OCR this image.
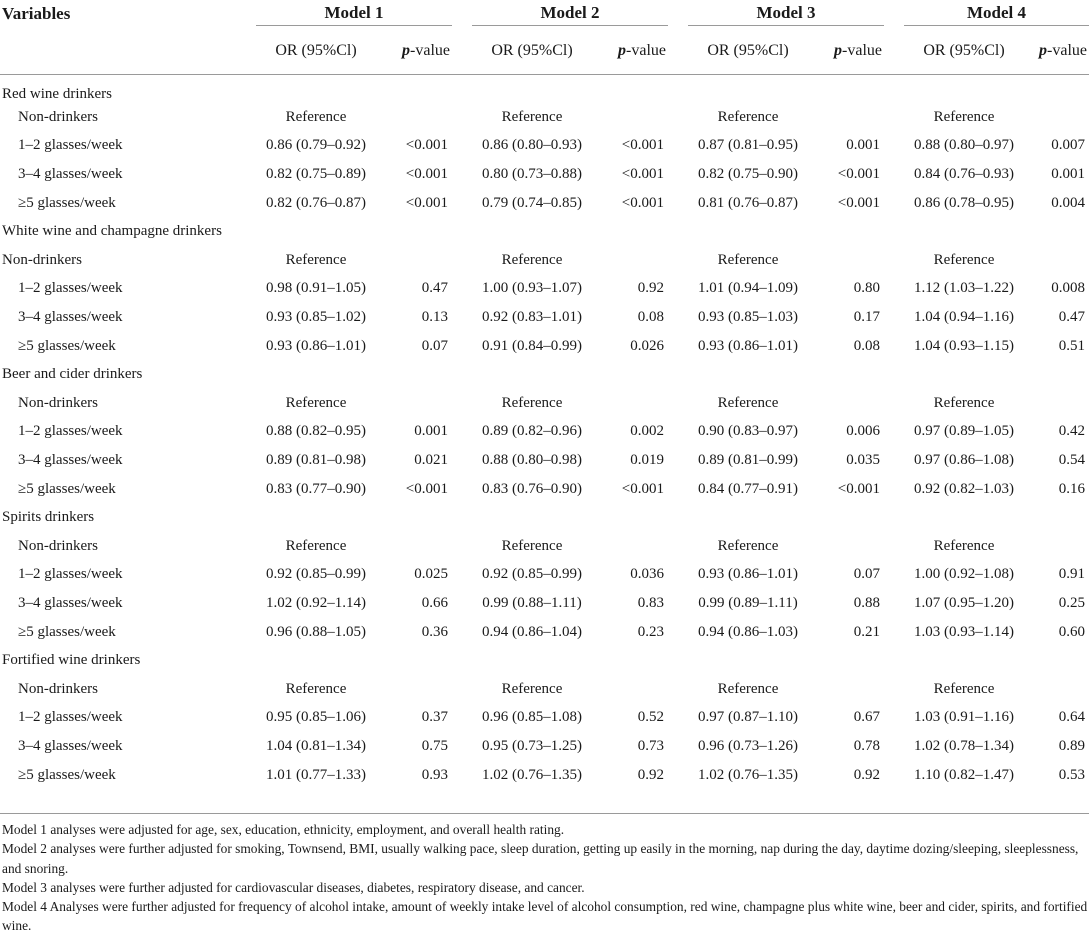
Variables	Model 1			Model 2			Model 3			Model 4	

	OR (95%Cl)	p-value		OR (95%Cl)	p-value		OR (95%Cl)	p-value		OR (95%Cl)	p-value
Red wine drinkers											
Non-drinkers	Reference			Reference			Reference			Reference	
1–2 glasses/week	0.86 (0.79–0.92)	<0.001		0.86 (0.80–0.93)	<0.001		0.87 (0.81–0.95)	0.001		0.88 (0.80–0.97)	0.007
3–4 glasses/week	0.82 (0.75–0.89)	<0.001		0.80 (0.73–0.88)	<0.001		0.82 (0.75–0.90)	<0.001		0.84 (0.76–0.93)	0.001
≥5 glasses/week	0.82 (0.76–0.87)	<0.001		0.79 (0.74–0.85)	<0.001		0.81 (0.76–0.87)	<0.001		0.86 (0.78–0.95)	0.004
White wine and champagne drinkers											
Non-drinkers	Reference			Reference			Reference			Reference	
1–2 glasses/week	0.98 (0.91–1.05)	0.47		1.00 (0.93–1.07)	0.92		1.01 (0.94–1.09)	0.80		1.12 (1.03–1.22)	0.008
3–4 glasses/week	0.93 (0.85–1.02)	0.13		0.92 (0.83–1.01)	0.08		0.93 (0.85–1.03)	0.17		1.04 (0.94–1.16)	0.47
≥5 glasses/week	0.93 (0.86–1.01)	0.07		0.91 (0.84–0.99)	0.026		0.93 (0.86–1.01)	0.08		1.04 (0.93–1.15)	0.51
Beer and cider drinkers											
Non-drinkers	Reference			Reference			Reference			Reference	
1–2 glasses/week	0.88 (0.82–0.95)	0.001		0.89 (0.82–0.96)	0.002		0.90 (0.83–0.97)	0.006		0.97 (0.89–1.05)	0.42
3–4 glasses/week	0.89 (0.81–0.98)	0.021		0.88 (0.80–0.98)	0.019		0.89 (0.81–0.99)	0.035		0.97 (0.86–1.08)	0.54
≥5 glasses/week	0.83 (0.77–0.90)	<0.001		0.83 (0.76–0.90)	<0.001		0.84 (0.77–0.91)	<0.001		0.92 (0.82–1.03)	0.16
Spirits drinkers											
Non-drinkers	Reference			Reference			Reference			Reference	
1–2 glasses/week	0.92 (0.85–0.99)	0.025		0.92 (0.85–0.99)	0.036		0.93 (0.86–1.01)	0.07		1.00 (0.92–1.08)	0.91
3–4 glasses/week	1.02 (0.92–1.14)	0.66		0.99 (0.88–1.11)	0.83		0.99 (0.89–1.11)	0.88		1.07 (0.95–1.20)	0.25
≥5 glasses/week	0.96 (0.88–1.05)	0.36		0.94 (0.86–1.04)	0.23		0.94 (0.86–1.03)	0.21		1.03 (0.93–1.14)	0.60
Fortified wine drinkers											
Non-drinkers	Reference			Reference			Reference			Reference	
1–2 glasses/week	0.95 (0.85–1.06)	0.37		0.96 (0.85–1.08)	0.52		0.97 (0.87–1.10)	0.67		1.03 (0.91–1.16)	0.64
3–4 glasses/week	1.04 (0.81–1.34)	0.75		0.95 (0.73–1.25)	0.73		0.96 (0.73–1.26)	0.78		1.02 (0.78–1.34)	0.89
≥5 glasses/week	1.01 (0.77–1.33)	0.93		1.02 (0.76–1.35)	0.92		1.02 (0.76–1.35)	0.92		1.10 (0.82–1.47)	0.53

Model 1 analyses were adjusted for age, sex, education, ethnicity, employment, and overall health rating.

Model 2 analyses were further adjusted for smoking, Townsend, BMI, usually walking pace, sleep duration, getting up easily in the morning, nap during the day, daytime dozing/sleeping, sleeplessness, and snoring.

Model 3 analyses were further adjusted for cardiovascular diseases, diabetes, respiratory disease, and cancer.

Model 4 Analyses were further adjusted for frequency of alcohol intake, amount of weekly intake level of alcohol consumption, red wine, champagne plus white wine, beer and cider, spirits, and fortified wine.
